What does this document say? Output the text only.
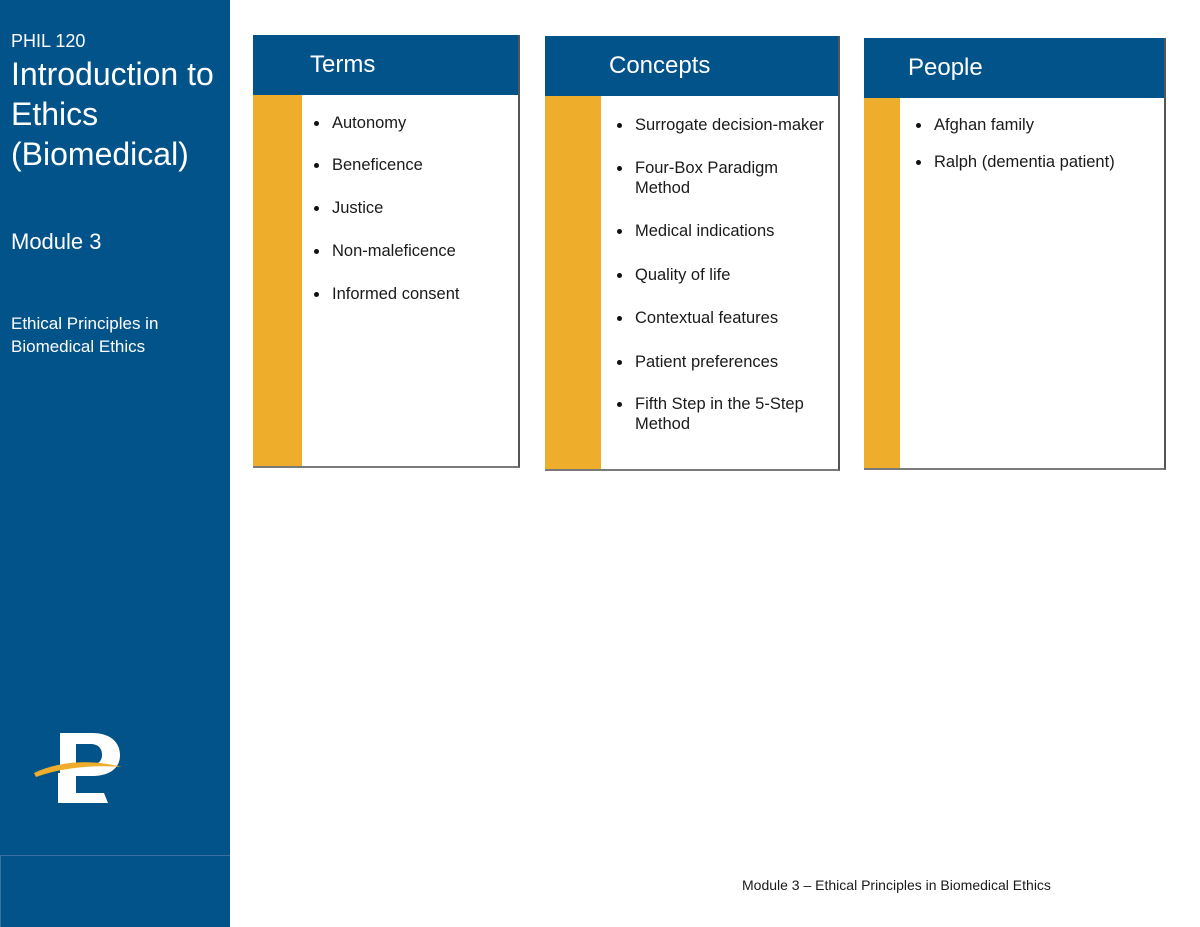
PHIL 120
Introduction to Ethics (Biomedical)
Module 3
Ethical Principles in Biomedical Ethics
Terms
Autonomy
Beneficence
Justice
Non-maleficence
Informed consent
Concepts
Surrogate decision-maker
Four-Box Paradigm Method
Medical indications
Quality of life
Contextual features
Patient preferences
Fifth Step in the 5-Step Method
People
Afghan family
Ralph (dementia patient)
Module 3 – Ethical Principles in Biomedical Ethics
